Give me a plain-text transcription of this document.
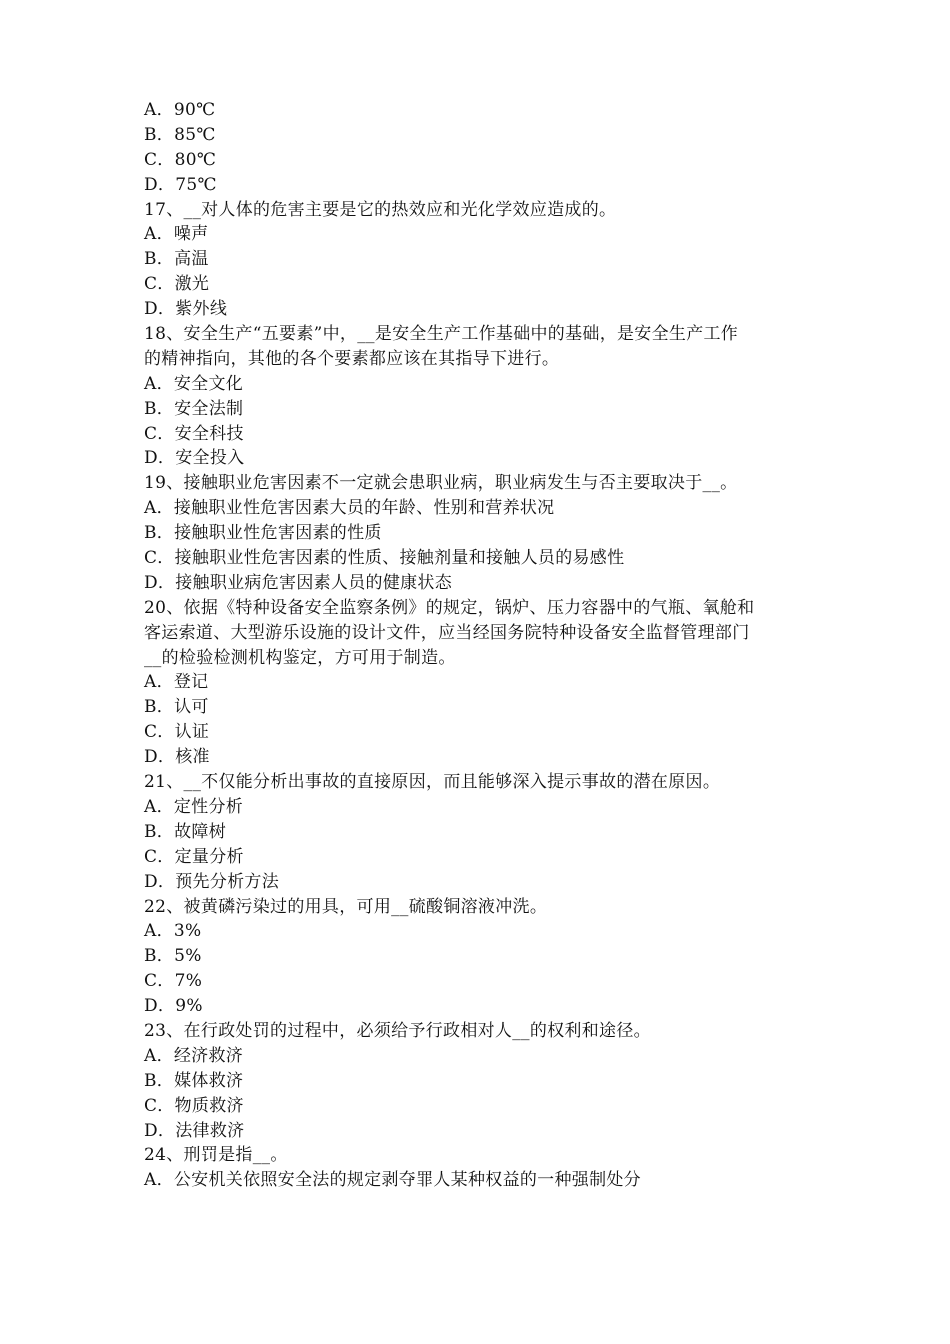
A．90℃
B．85℃
C．80℃
D．75℃
17、__对人体的危害主要是它的热效应和光化学效应造成的。
A．噪声
B．高温
C．激光
D．紫外线
18、安全生产“五要素”中，__是安全生产工作基础中的基础，是安全生产工作
的精神指向，其他的各个要素都应该在其指导下进行。
A．安全文化
B．安全法制
C．安全科技
D．安全投入
19、接触职业危害因素不一定就会患职业病，职业病发生与否主要取决于__。
A．接触职业性危害因素大员的年龄、性别和营养状况
B．接触职业性危害因素的性质
C．接触职业性危害因素的性质、接触剂量和接触人员的易感性
D．接触职业病危害因素人员的健康状态
20、依据《特种设备安全监察条例》的规定，锅炉、压力容器中的气瓶、氧舱和
客运索道、大型游乐设施的设计文件，应当经国务院特种设备安全监督管理部门
__的检验检测机构鉴定，方可用于制造。
A．登记
B．认可
C．认证
D．核准
21、__不仅能分析出事故的直接原因，而且能够深入提示事故的潜在原因。
A．定性分析
B．故障树
C．定量分析
D．预先分析方法
22、被黄磷污染过的用具，可用__硫酸铜溶液冲洗。
A．3%
B．5%
C．7%
D．9%
23、在行政处罚的过程中，必须给予行政相对人__的权利和途径。
A．经济救济
B．媒体救济
C．物质救济
D．法律救济
24、刑罚是指__。
A．公安机关依照安全法的规定剥夺罪人某种权益的一种强制处分
